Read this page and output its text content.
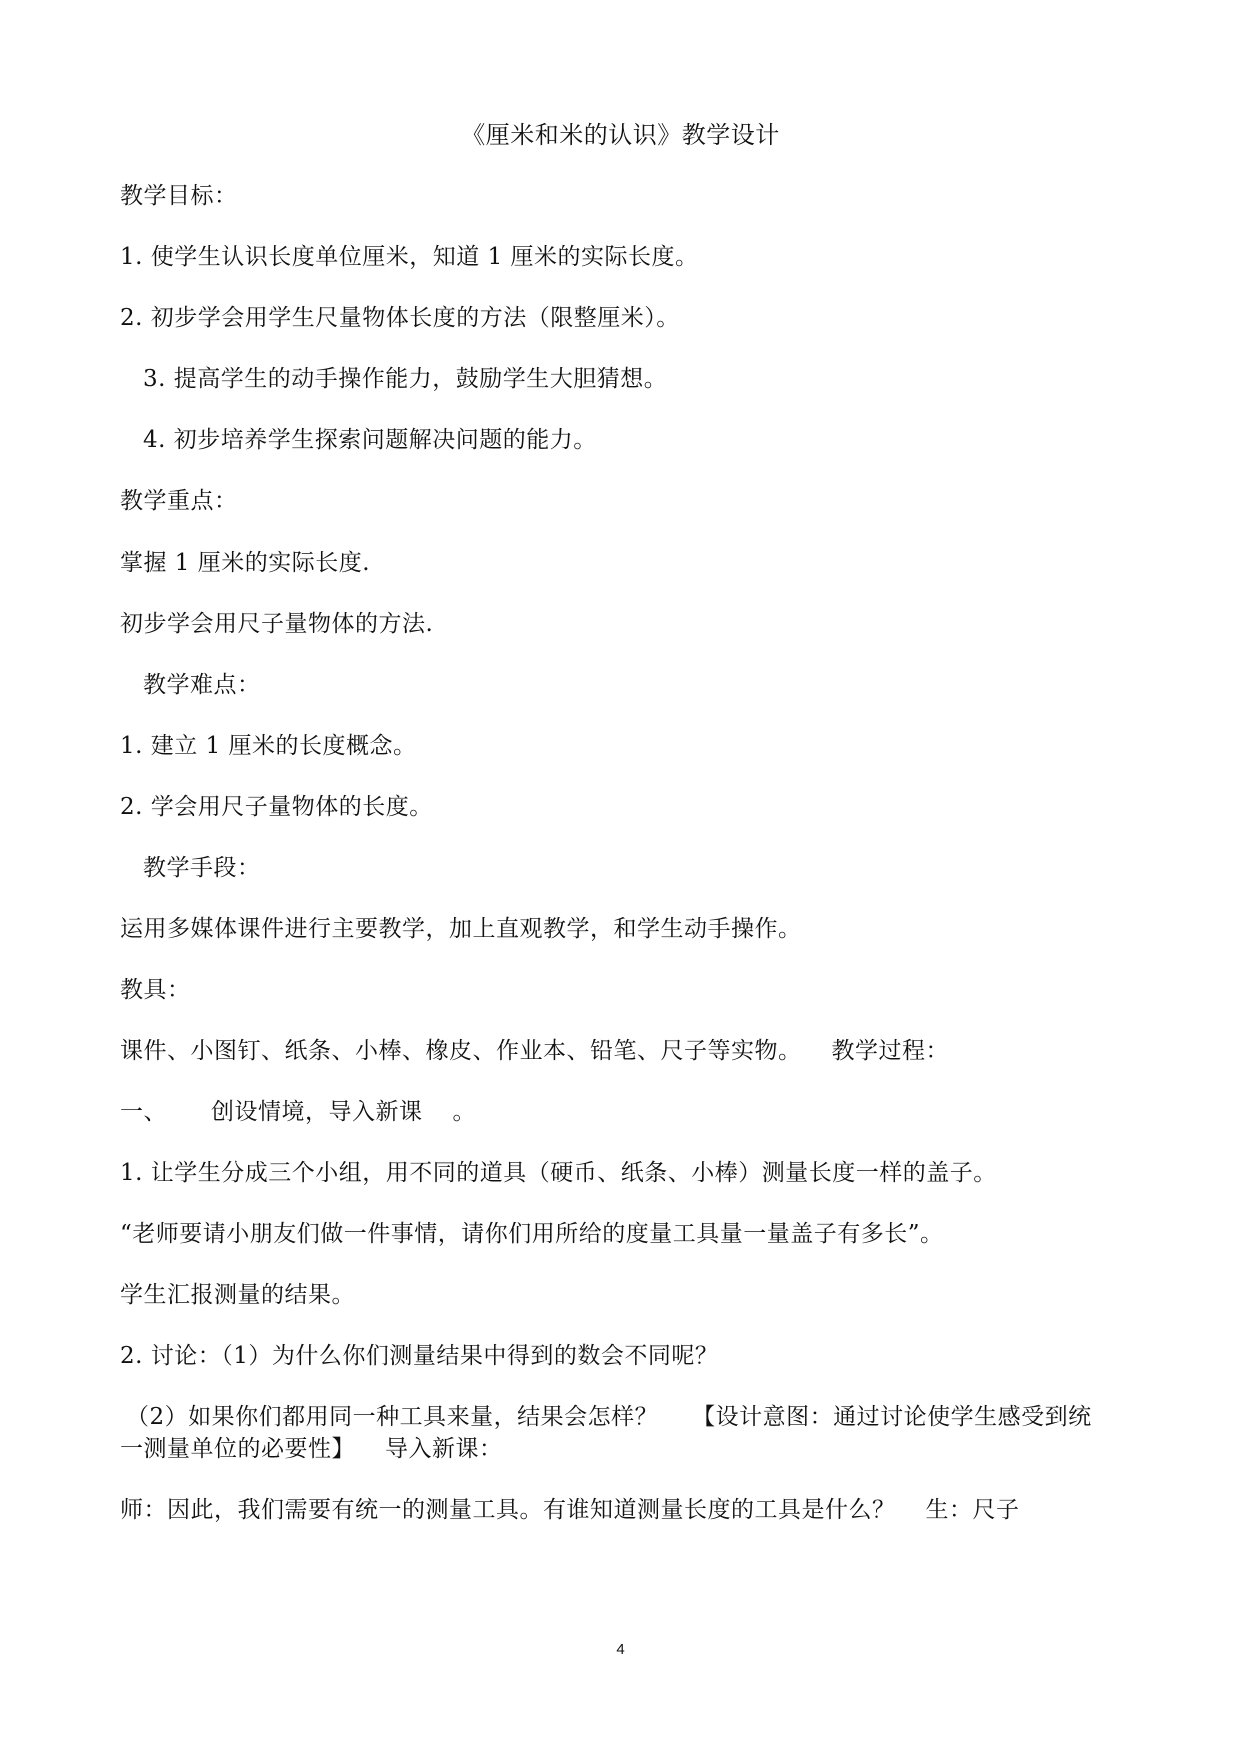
《厘米和米的认识》教学设计
教学目标：
1. 使学生认识长度单位厘米，知道 1 厘米的实际长度。
2. 初步学会用学生尺量物体长度的方法（限整厘米）。
3. 提高学生的动手操作能力，鼓励学生大胆猜想。
4. 初步培养学生探索问题解决问题的能力。
教学重点：
掌握 1 厘米的实际长度.
初步学会用尺子量物体的方法.
教学难点：
1. 建立 1 厘米的长度概念。
2. 学会用尺子量物体的长度。
教学手段：
运用多媒体课件进行主要教学，加上直观教学，和学生动手操作。
教具：
课件、小图钉、纸条、小棒、橡皮、作业本、铅笔、尺子等实物。 教学过程：
一、 创设情境，导入新课 。
1. 让学生分成三个小组，用不同的道具（硬币、纸条、小棒）测量长度一样的盖子。
“老师要请小朋友们做一件事情，请你们用所给的度量工具量一量盖子有多长”。
学生汇报测量的结果。
2. 讨论：（1）为什么你们测量结果中得到的数会不同呢？
（2）如果你们都用同一种工具来量，结果会怎样？ 【设计意图：通过讨论使学生感受到统
一测量单位的必要性】 导入新课：
师：因此，我们需要有统一的测量工具。有谁知道测量长度的工具是什么？ 生：尺子
4
